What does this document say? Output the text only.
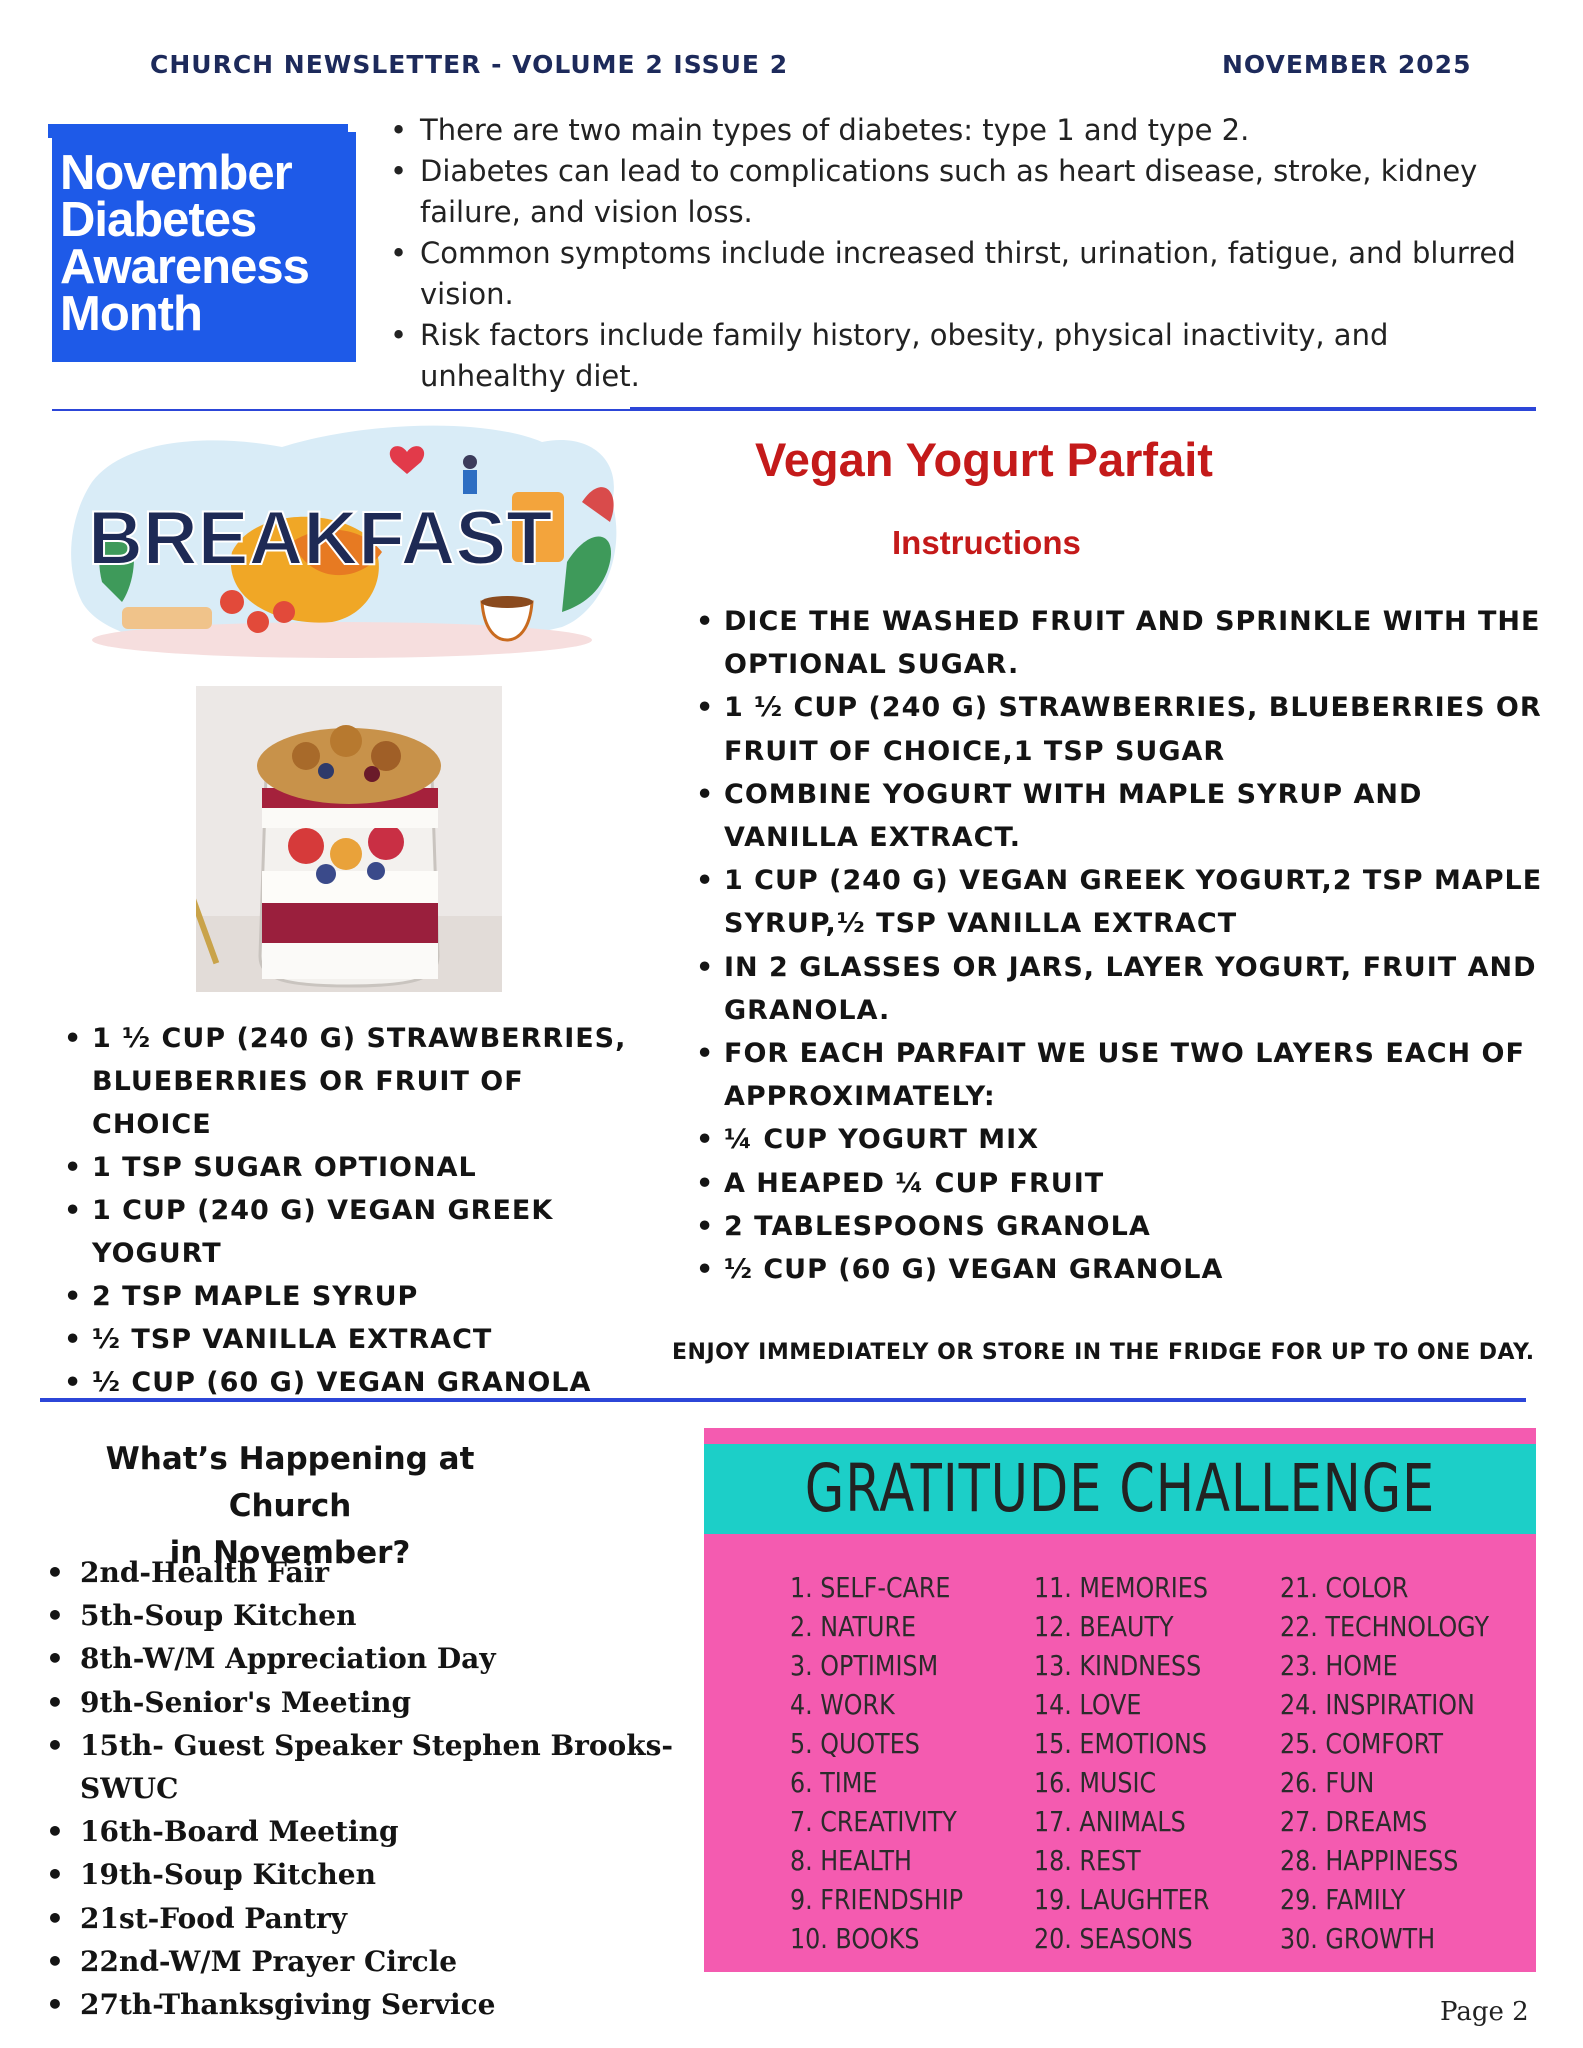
CHURCH NEWSLETTER - VOLUME 2 ISSUE 2	NOVEMBER 2025
November
Diabetes
Awareness
Month
• There are two main types of diabetes: type 1 and type 2.
• Diabetes can lead to complications such as heart disease, stroke, kidney failure, and vision loss.
• Common symptoms include increased thirst, urination, fatigue, and blurred vision.
• Risk factors include family history, obesity, physical inactivity, and unhealthy diet.
BREAKFAST
Vegan Yogurt Parfait
Instructions
• 1 ½ CUP (240 G) STRAWBERRIES, BLUEBERRIES OR FRUIT OF CHOICE
• 1 TSP SUGAR OPTIONAL
• 1 CUP (240 G) VEGAN GREEK YOGURT
• 2 TSP MAPLE SYRUP
• ½ TSP VANILLA EXTRACT
• ½ CUP (60 G) VEGAN GRANOLA
• DICE THE WASHED FRUIT AND SPRINKLE WITH THE OPTIONAL SUGAR.
• 1 ½ CUP (240 G) STRAWBERRIES, BLUEBERRIES OR FRUIT OF CHOICE,1 TSP SUGAR
• COMBINE YOGURT WITH MAPLE SYRUP AND VANILLA EXTRACT.
• 1 CUP (240 G) VEGAN GREEK YOGURT,2 TSP MAPLE SYRUP,½ TSP VANILLA EXTRACT
• IN 2 GLASSES OR JARS, LAYER YOGURT, FRUIT AND GRANOLA.
• FOR EACH PARFAIT WE USE TWO LAYERS EACH OF APPROXIMATELY:
• ¼ CUP YOGURT MIX
• A HEAPED ¼ CUP FRUIT
• 2 TABLESPOONS GRANOLA
• ½ CUP (60 G) VEGAN GRANOLA
ENJOY IMMEDIATELY OR STORE IN THE FRIDGE FOR UP TO ONE DAY.
What’s Happening at Church
in November?
• 2nd-Health Fair
• 5th-Soup Kitchen
• 8th-W/M Appreciation Day
• 9th-Senior's Meeting
• 15th- Guest Speaker Stephen Brooks-SWUC
• 16th-Board Meeting
• 19th-Soup Kitchen
• 21st-Food Pantry
• 22nd-W/M Prayer Circle
• 27th-Thanksgiving Service
GRATITUDE CHALLENGE
1. SELF-CARE
2. NATURE
3. OPTIMISM
4. WORK
5. QUOTES
6. TIME
7. CREATIVITY
8. HEALTH
9. FRIENDSHIP
10. BOOKS
11. MEMORIES
12. BEAUTY
13. KINDNESS
14. LOVE
15. EMOTIONS
16. MUSIC
17. ANIMALS
18. REST
19. LAUGHTER
20. SEASONS
21. COLOR
22. TECHNOLOGY
23. HOME
24. INSPIRATION
25. COMFORT
26. FUN
27. DREAMS
28. HAPPINESS
29. FAMILY
30. GROWTH
Page 2
